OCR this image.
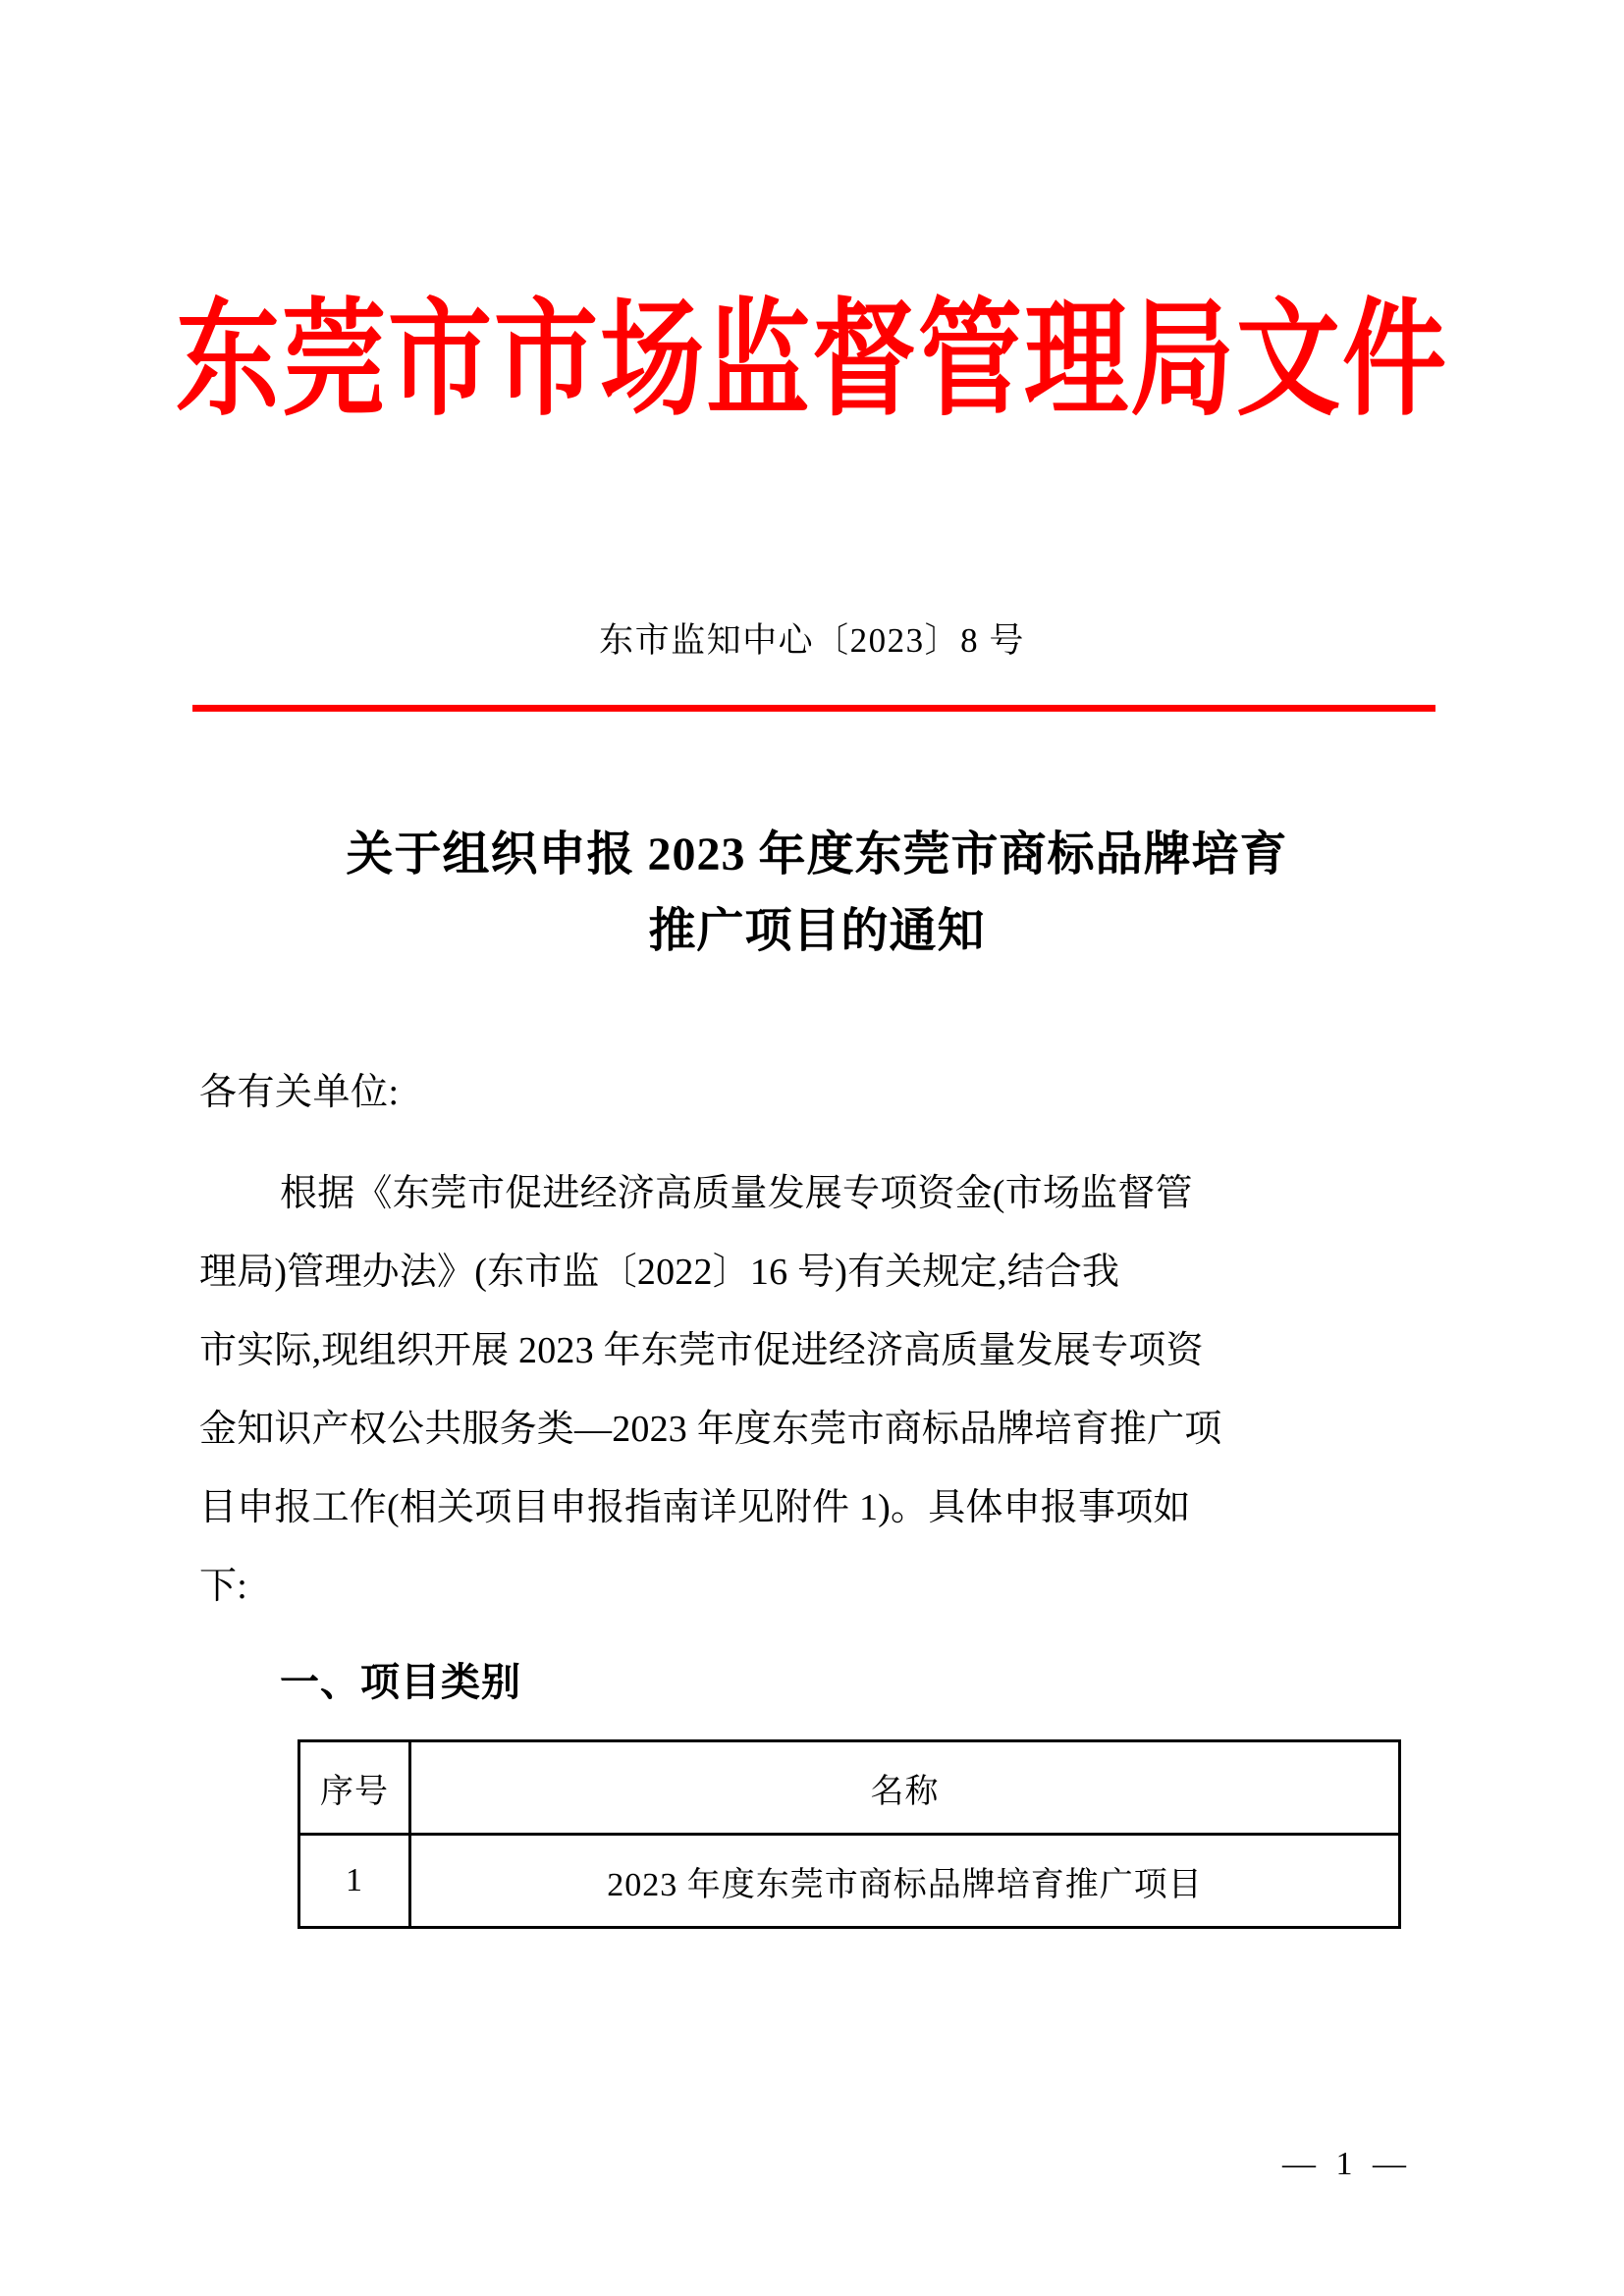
东莞市市场监督管理局文件
东市监知中心〔2023〕8 号
关于组织申报 2023 年度东莞市商标品牌培育
推广项目的通知
各有关单位:
根据《东莞市促进经济高质量发展专项资金(市场监督管
理局)管理办法》(东市监〔2022〕16 号)有关规定,结合我
市实际,现组织开展 2023 年东莞市促进经济高质量发展专项资
金知识产权公共服务类—2023 年度东莞市商标品牌培育推广项
目申报工作(相关项目申报指南详见附件 1)。具体申报事项如
下:
一、项目类别
序号	名称
1	2023 年度东莞市商标品牌培育推广项目
— 1 —
